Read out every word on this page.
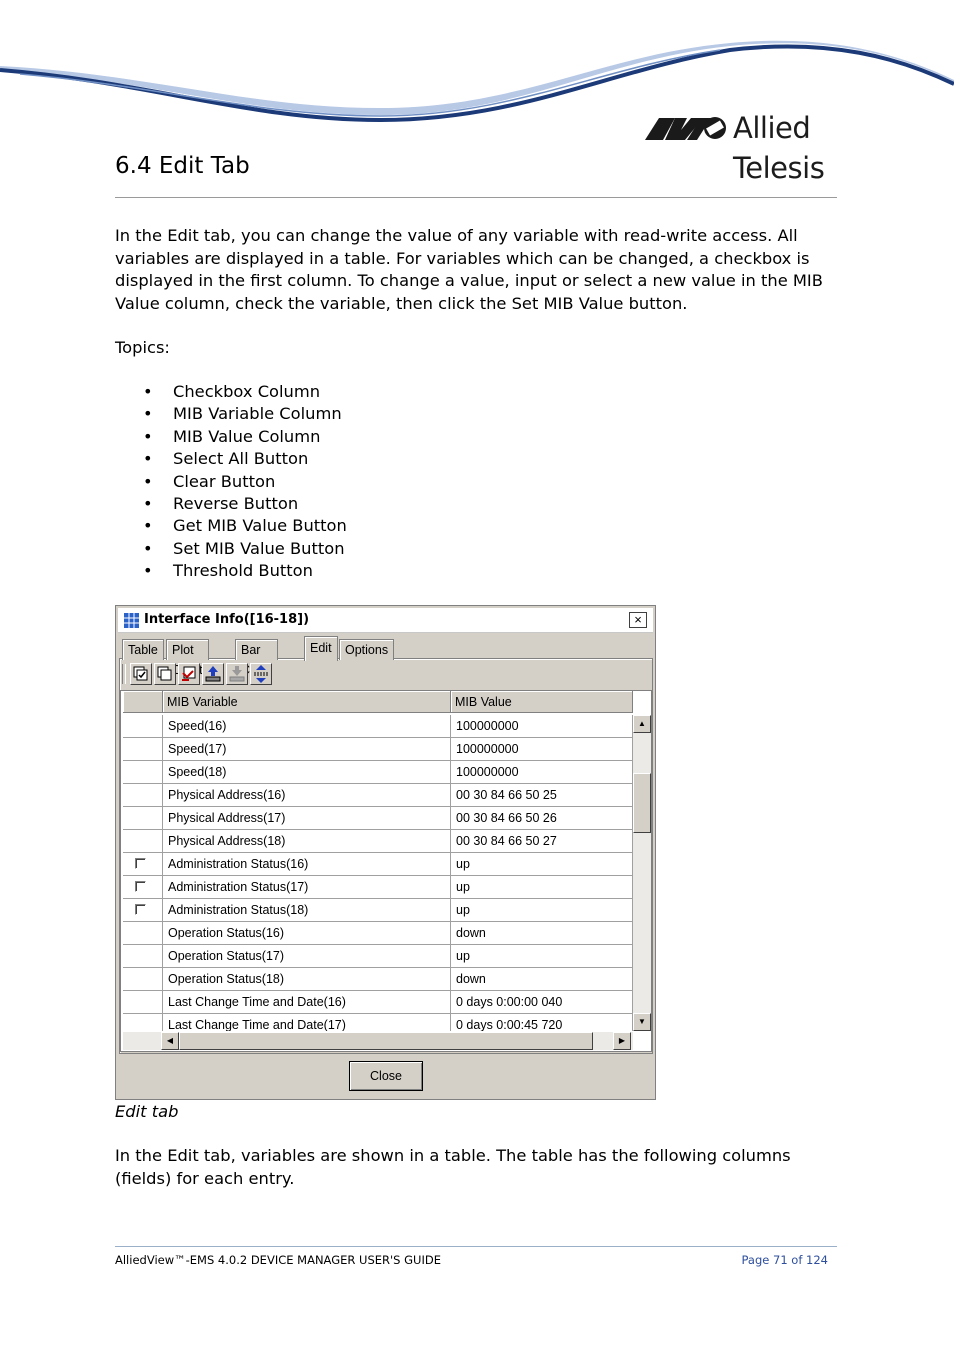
Allied Telesis
6.4 Edit Tab

In the Edit tab, you can change the value of any variable with read-write access. All variables are displayed in a table. For variables which can be changed, a checkbox is displayed in the first column. To change a value, input or select a new value in the MIB Value column, check the variable, then click the Set MIB Value button.

Topics:

• Checkbox Column
• MIB Variable Column
• MIB Value Column
• Select All Button
• Clear Button
• Reverse Button
• Get MIB Value Button
• Set MIB Value Button
• Threshold Button
Interface Info([16-18])	×
Table	Plot	Bar	Edit	Options
MIB Variable	MIB Value
Speed(16)	100000000
Speed(17)	100000000
Speed(18)	100000000
Physical Address(16)	00 30 84 66 50 25
Physical Address(17)	00 30 84 66 50 26
Physical Address(18)	00 30 84 66 50 27
Administration Status(16)	up
Administration Status(17)	up
Administration Status(18)	up
Operation Status(16)	down
Operation Status(17)	up
Operation Status(18)	down
Last Change Time and Date(16)	0 days 0:00:00 040
Last Change Time and Date(17)	0 days 0:00:45 720
▲
▼
◀	▶
Close
Edit tab

In the Edit tab, variables are shown in a table. The table has the following columns (fields) for each entry.

AlliedView™-EMS 4.0.2 DEVICE MANAGER USER'S GUIDE	Page 71 of 124
